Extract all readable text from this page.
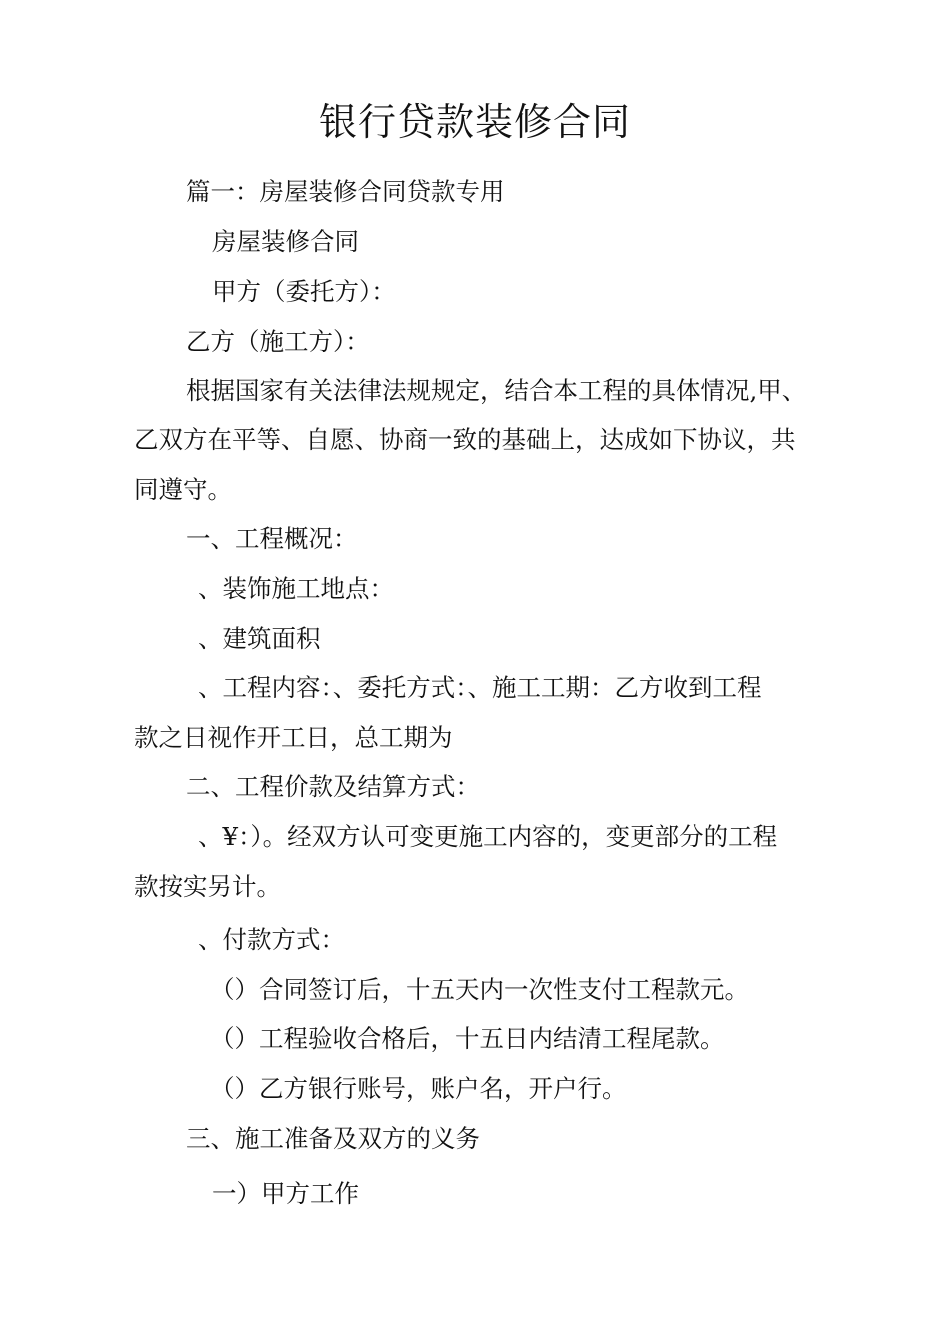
银行贷款装修合同
篇一：房屋装修合同贷款专用
房屋装修合同
甲方（委托方）：
乙方（施工方）：
根据国家有关法律法规规定，结合本工程的具体情况,甲、
乙双方在平等、自愿、协商一致的基础上，达成如下协议，共
同遵守。
一、工程概况：
、装饰施工地点：
、建筑面积
、工程内容：、委托方式：、施工工期：乙方收到工程
款之日视作开工日，总工期为
二、工程价款及结算方式：
、¥：）。经双方认可变更施工内容的，变更部分的工程
款按实另计。
、付款方式：
（）合同签订后，十五天内一次性支付工程款元。
（）工程验收合格后，十五日内结清工程尾款。
（）乙方银行账号，账户名，开户行。
三、施工准备及双方的义务
一）甲方工作
